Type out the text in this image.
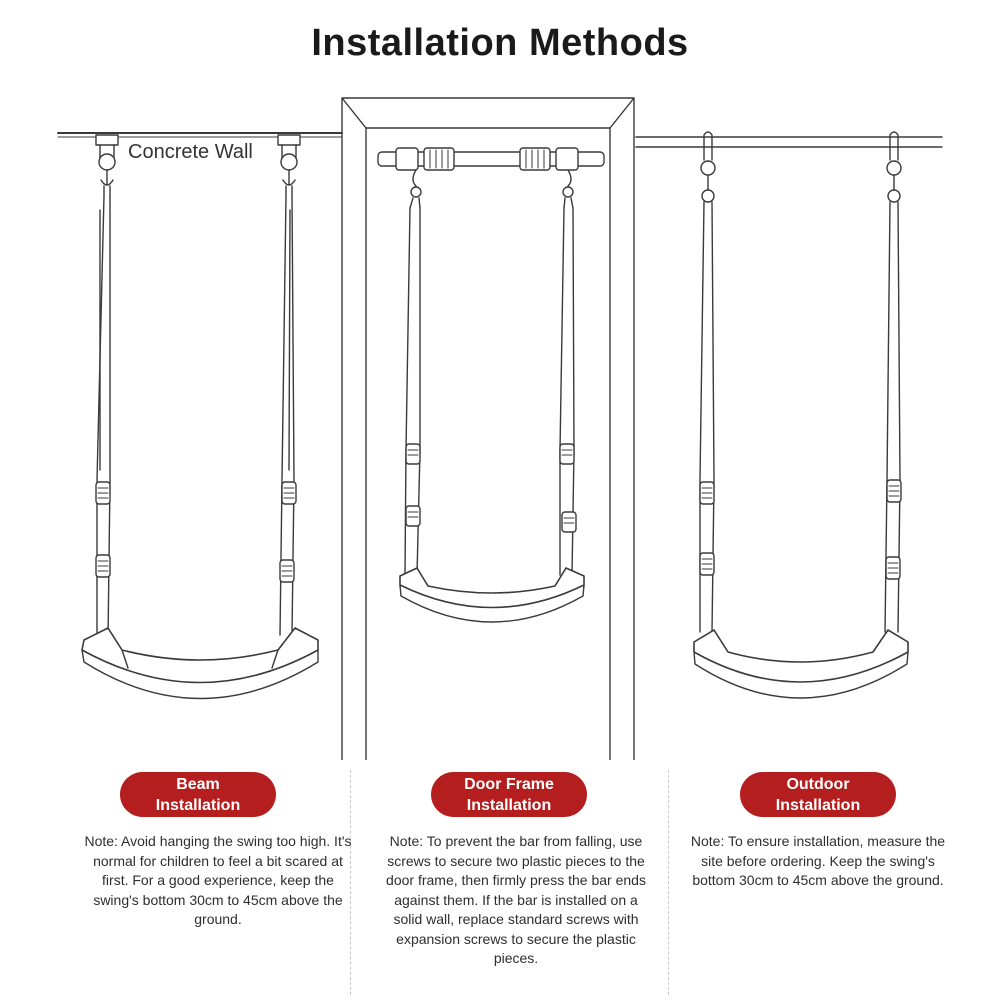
Installation Methods
Concrete Wall
Beam
Installation
Note: Avoid hanging the swing too high. It's normal for children to feel a bit scared at first. For a good experience, keep the swing's bottom 30cm to 45cm above the ground.
Door Frame
Installation
Note: To prevent the bar from falling, use screws to secure two plastic pieces to the door frame, then firmly press the bar ends against them. If the bar is installed on a solid wall, replace standard screws with expansion screws to secure the plastic pieces.
Outdoor
Installation
Note: To ensure installation, measure the site before ordering. Keep the swing's bottom 30cm to 45cm above the ground.
